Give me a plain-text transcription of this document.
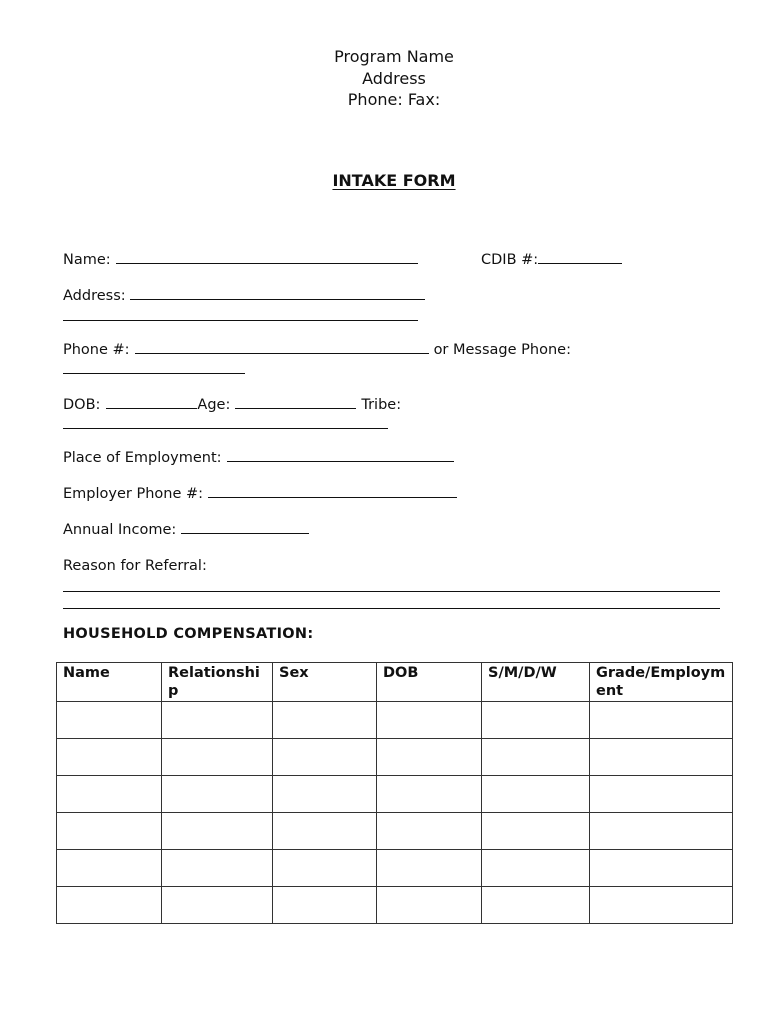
Program Name
Address
Phone: Fax:
INTAKE FORM
Name:	CDIB #:
Address:
Phone #:	or Message Phone:
DOB:	Age:	Tribe:
Place of Employment:
Employer Phone #:
Annual Income:
Reason for Referral:
HOUSEHOLD COMPENSATION:
Name	Relationship	Sex	DOB	S/M/D/W	Grade/Employment
